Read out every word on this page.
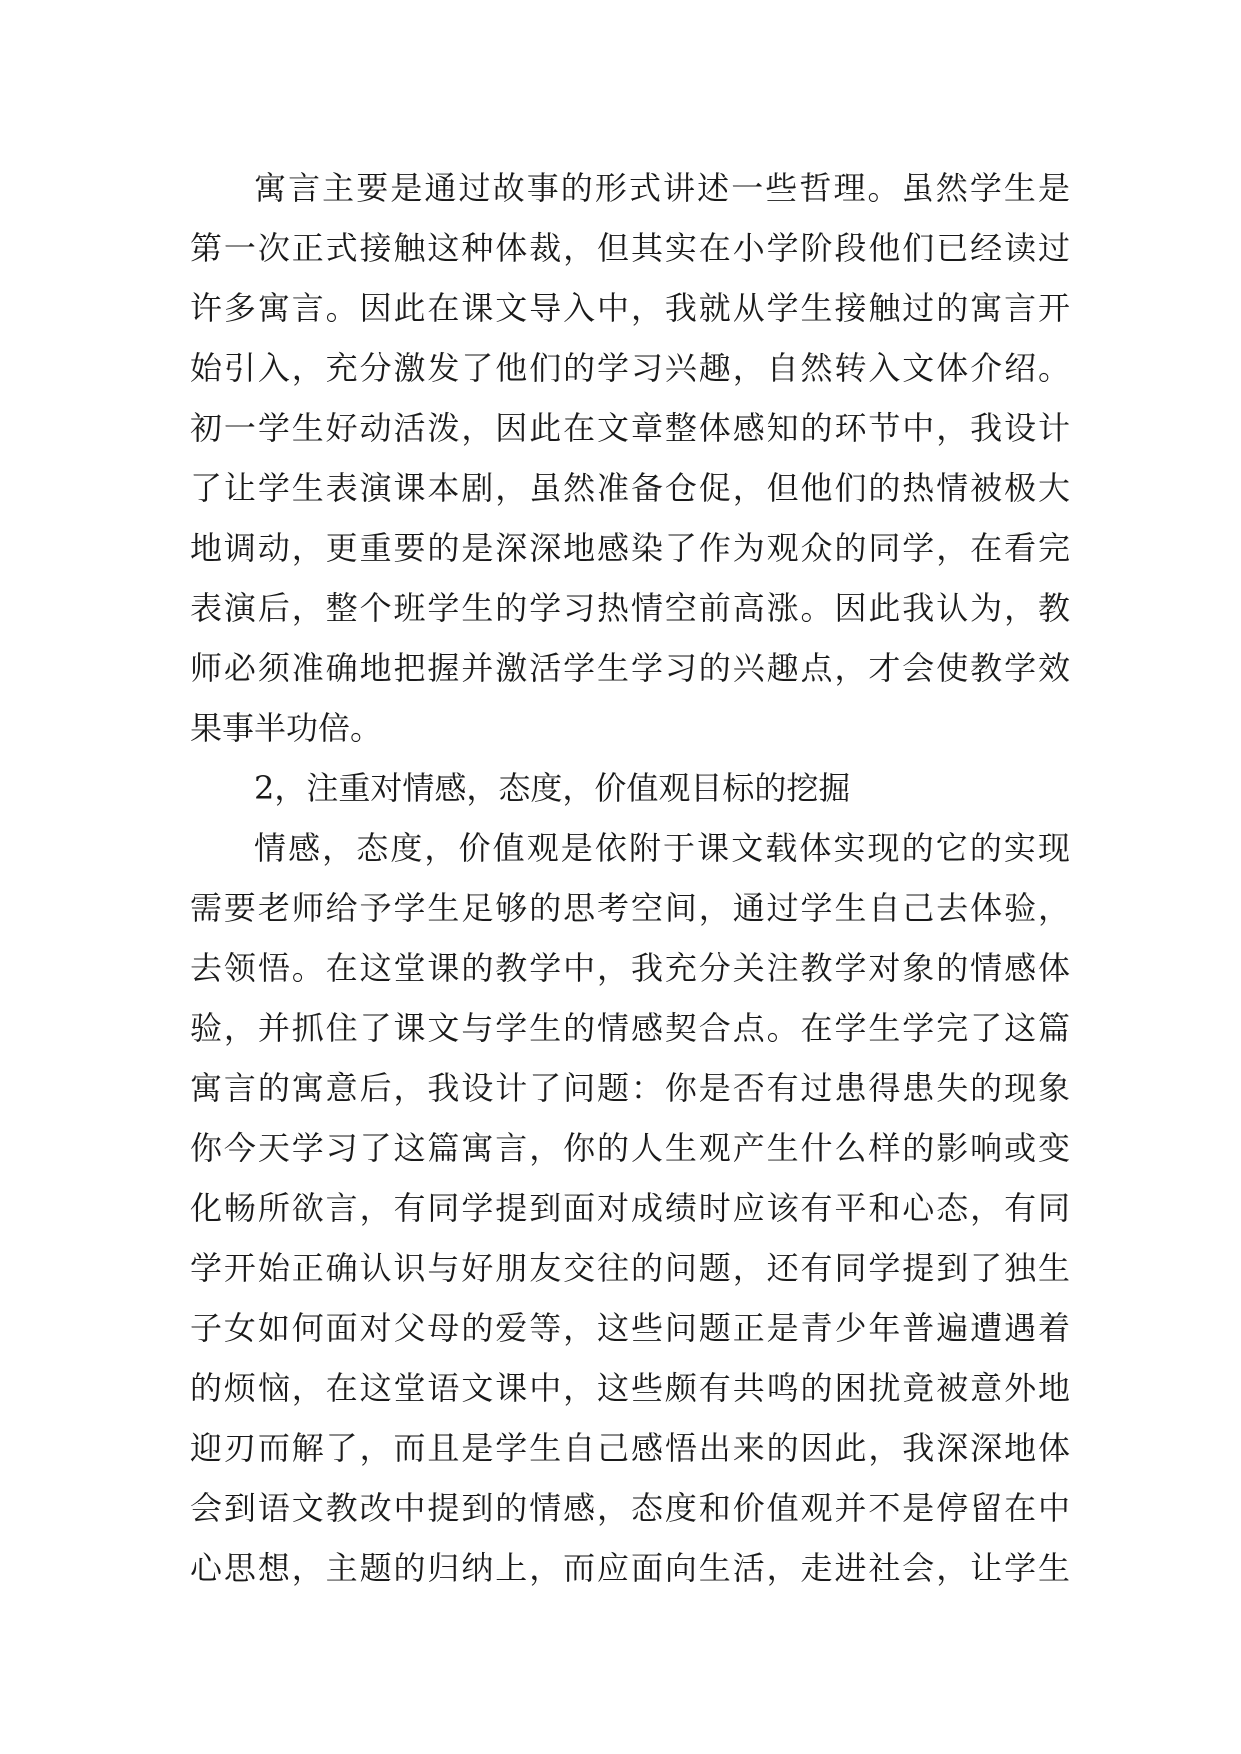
寓言主要是通过故事的形式讲述一些哲理。虽然学生是
第一次正式接触这种体裁，但其实在小学阶段他们已经读过
许多寓言。因此在课文导入中，我就从学生接触过的寓言开
始引入，充分激发了他们的学习兴趣，自然转入文体介绍。
初一学生好动活泼，因此在文章整体感知的环节中，我设计
了让学生表演课本剧，虽然准备仓促，但他们的热情被极大
地调动，更重要的是深深地感染了作为观众的同学，在看完
表演后，整个班学生的学习热情空前高涨。因此我认为，教
师必须准确地把握并激活学生学习的兴趣点，才会使教学效
果事半功倍。
2，注重对情感，态度，价值观目标的挖掘
情感，态度，价值观是依附于课文载体实现的它的实现
需要老师给予学生足够的思考空间，通过学生自己去体验，
去领悟。在这堂课的教学中，我充分关注教学对象的情感体
验，并抓住了课文与学生的情感契合点。在学生学完了这篇
寓言的寓意后，我设计了问题：你是否有过患得患失的现象
你今天学习了这篇寓言，你的人生观产生什么样的影响或变
化畅所欲言，有同学提到面对成绩时应该有平和心态，有同
学开始正确认识与好朋友交往的问题，还有同学提到了独生
子女如何面对父母的爱等，这些问题正是青少年普遍遭遇着
的烦恼，在这堂语文课中，这些颇有共鸣的困扰竟被意外地
迎刃而解了，而且是学生自己感悟出来的因此，我深深地体
会到语文教改中提到的情感，态度和价值观并不是停留在中
心思想，主题的归纳上，而应面向生活，走进社会，让学生
